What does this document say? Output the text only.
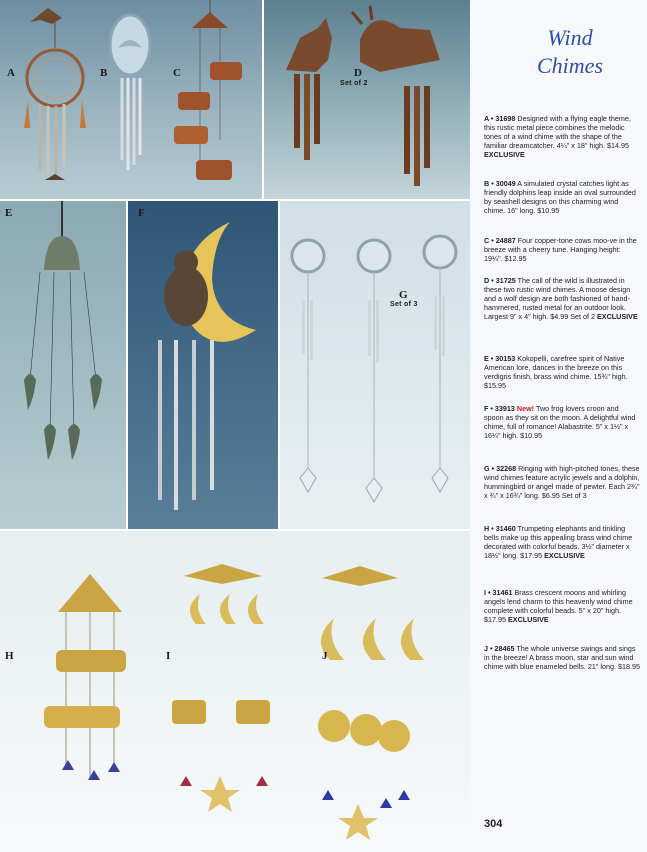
A	B	C	D
Set of 2
E	F
G
Set of 3
H	I	J
Wind
Chimes

A • 31698 Designed with a flying eagle theme, this rustic metal piece combines the melodic tones of a wind chime with the shape of the familiar dreamcatcher. 4¼" x 18" high. $14.95 EXCLUSIVE

B • 30049 A simulated crystal catches light as friendly dolphins leap inside an oval surrounded by seashell designs on this charming wind chime. 16" long. $10.95

C • 24887 Four copper-tone cows moo-ve in the breeze with a cheery tune. Hanging height: 19¼". $12.95

D • 31725 The call of the wild is illustrated in these two rustic wind chimes. A moose design and a wolf design are both fashioned of hand-hammered, rusted metal for an outdoor look. Largest 9" x 4" high. $4.99 Set of 2 EXCLUSIVE

E • 30153 Kokopelli, carefree spirit of Native American lore, dances in the breeze on this verdigris finish, brass wind chime. 15¾" high. $15.95

F • 33913 New! Two frog lovers croon and spoon as they sit on the moon. A delightful wind chime, full of romance! Alabastrite. 5" x 1½" x 16¼" high. $10.95

G • 32268 Ringing with high-pitched tones, these wind chimes feature acrylic jewels and a dolphin, hummingbird or angel made of pewter. Each 2¾" x ¾" x 16¾" long. $6.95 Set of 3

H • 31460 Trumpeting elephants and tinkling bells make up this appealing brass wind chime decorated with colorful beads. 3½" diameter x 18½" long. $17.95 EXCLUSIVE

I • 31461 Brass crescent moons and whirling angels lend charm to this heavenly wind chime complete with colorful beads. 5" x 20" high. $17.95 EXCLUSIVE

J • 28465 The whole universe swings and sings in the breeze! A brass moon, star and sun wind chime with blue enameled bells. 21" long. $18.95

304
